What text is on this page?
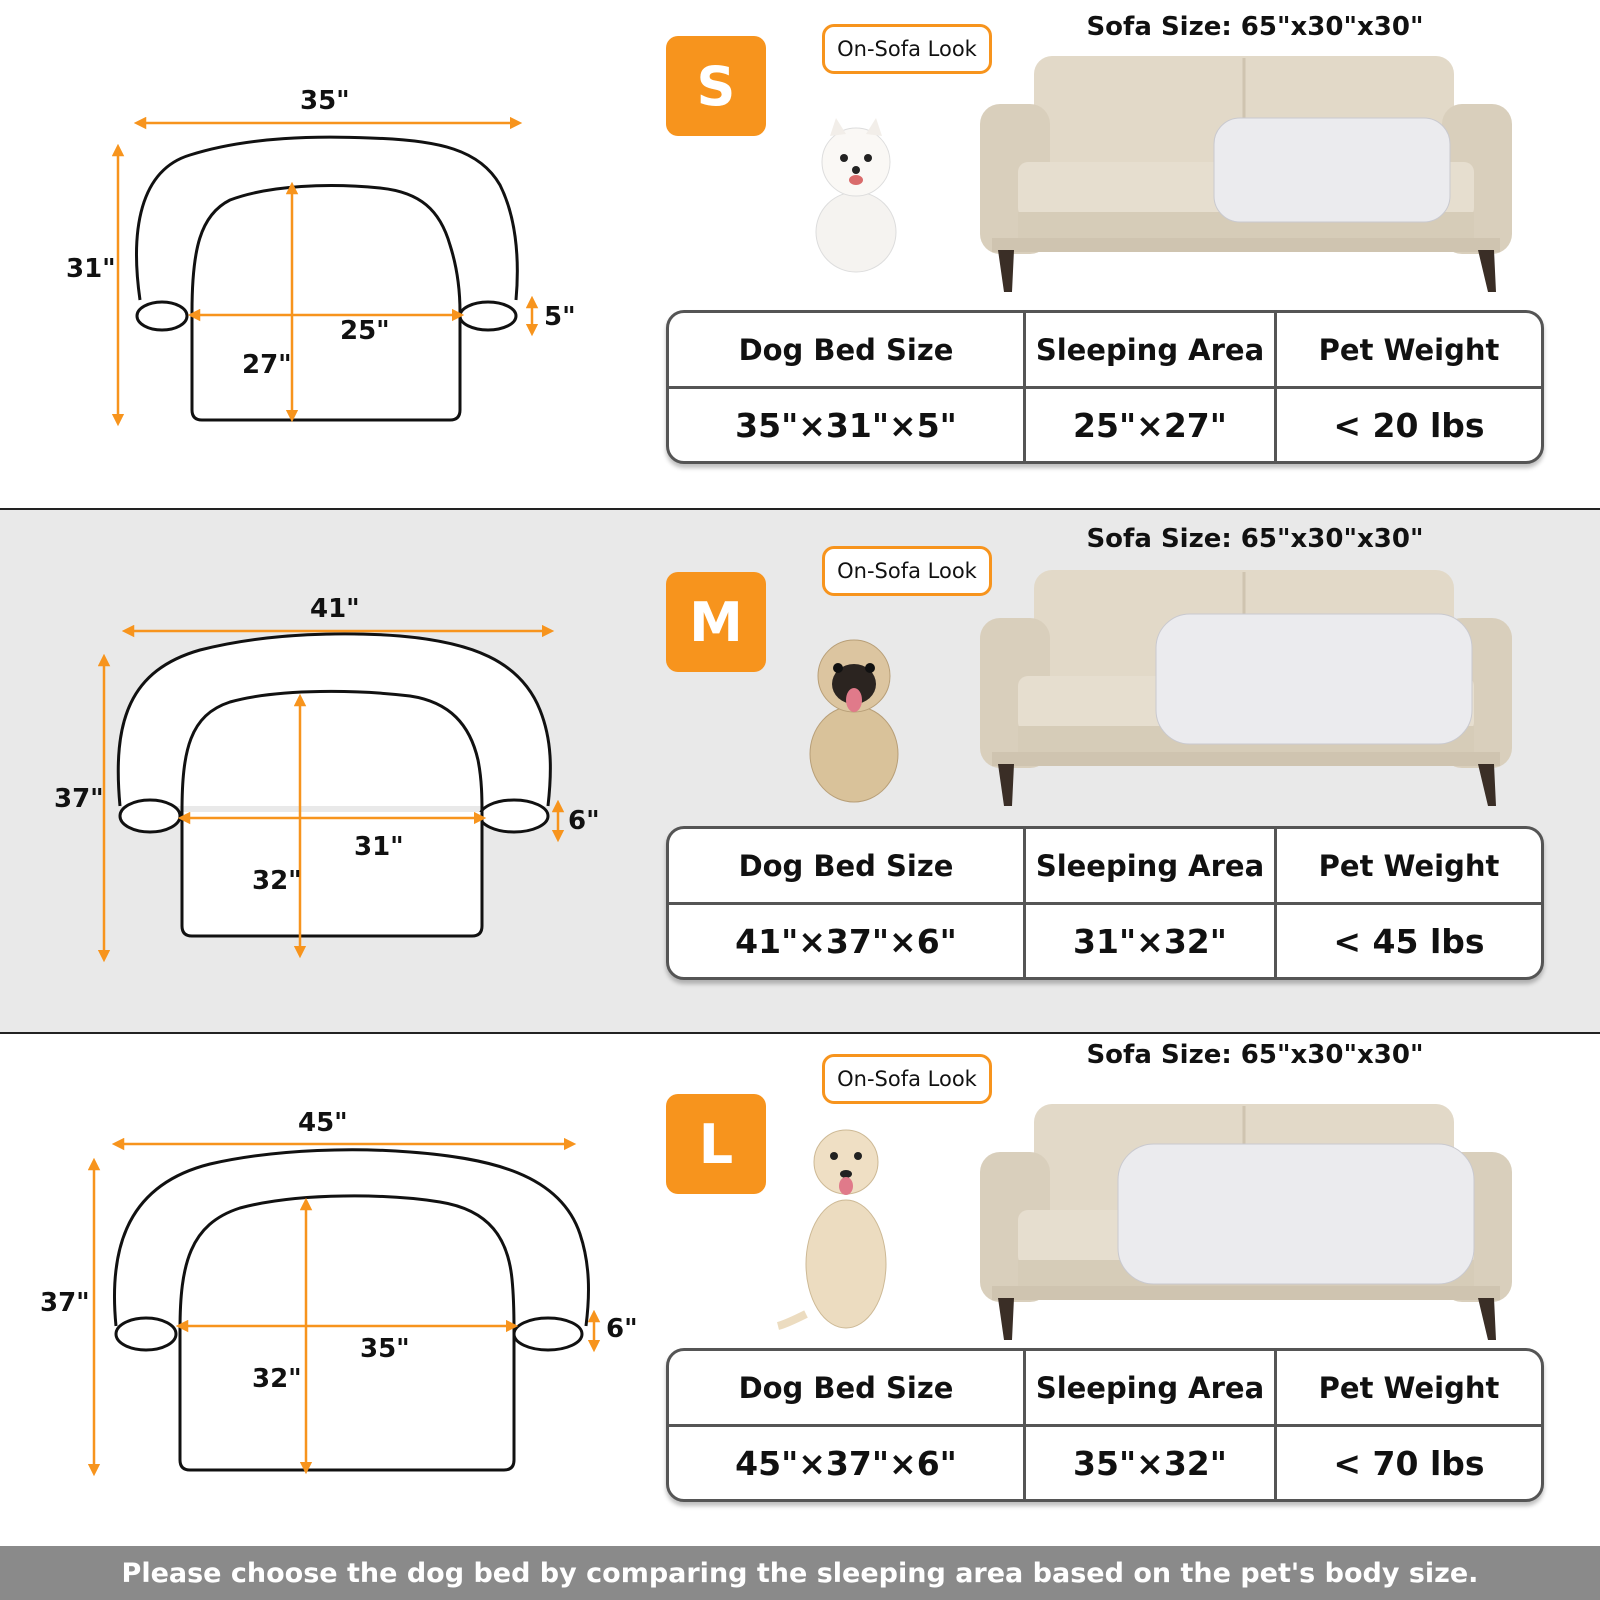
35"
31"
25"
27"
5"
S
On-Sofa Look
Sofa Size: 65"x30"x30"
Dog Bed Size	Sleeping Area	Pet Weight
35"×31"×5"	25"×27"	< 20 lbs
41"
37"
31"
32"
6"
M
On-Sofa Look
Sofa Size: 65"x30"x30"
Dog Bed Size	Sleeping Area	Pet Weight
41"×37"×6"	31"×32"	< 45 lbs
45"
37"
35"
32"
6"
L
On-Sofa Look
Sofa Size: 65"x30"x30"
Dog Bed Size	Sleeping Area	Pet Weight
45"×37"×6"	35"×32"	< 70 lbs
Please choose the dog bed by comparing the sleeping area based on the pet's body size.
